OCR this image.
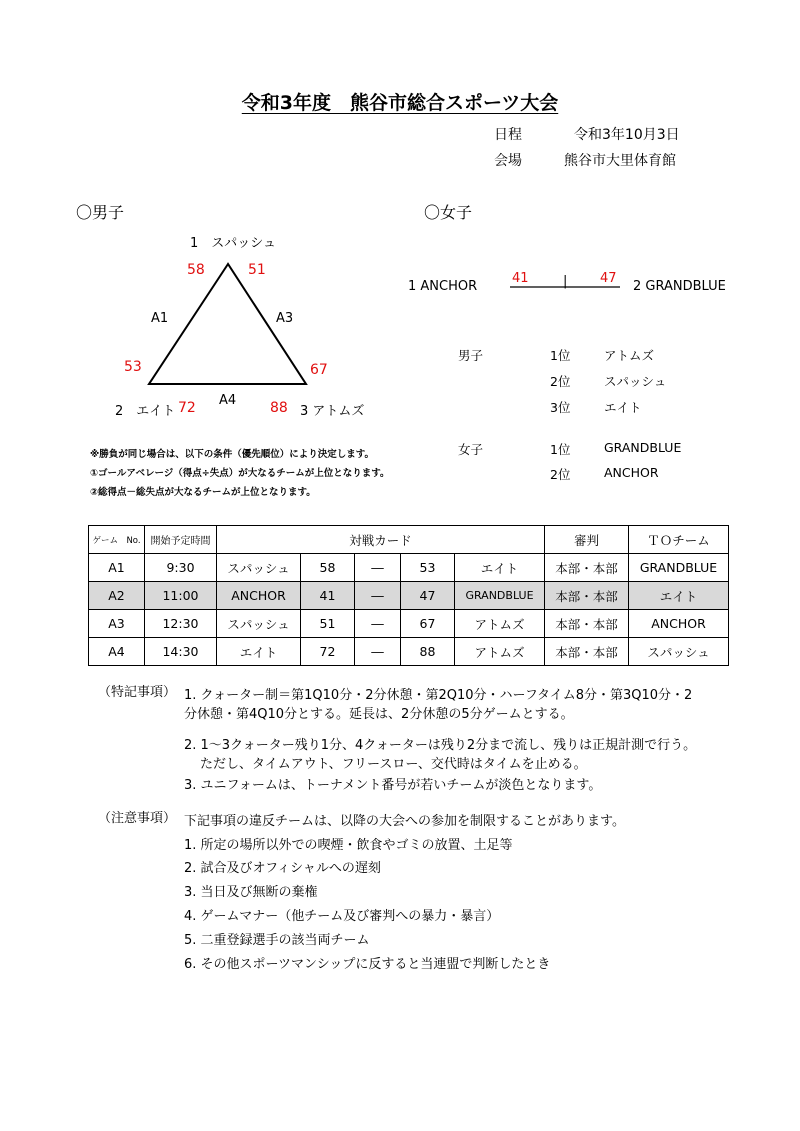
令和3年度　熊谷市総合スポーツ大会
日程	令和3年10月3日
会場	熊谷市大里体育館
〇男子	〇女子
1　スパッシュ
58	51
A1	A3
53	67
A4
2　エイト 72	88 3 アトムズ
1 ANCHOR
41	|	47
2 GRANDBLUE
男子	1位	アトムズ
2位	スパッシュ
3位	エイト
女子	1位	GRANDBLUE
2位	ANCHOR
※勝負が同じ場合は、以下の条件（優先順位）により決定します。
①ゴールアベレージ（得点÷失点）が大なるチームが上位となります。
②総得点－総失点が大なるチームが上位となります。
ゲーム　No.	開始予定時間	対戦カード					審判	ＴＯチーム
A1	9:30	スパッシュ	58	―	53	エイト	本部・本部	GRANDBLUE
A2	11:00	ANCHOR	41	―	47	GRANDBLUE	本部・本部	エイト
A3	12:30	スパッシュ	51	―	67	アトムズ	本部・本部	ANCHOR
A4	14:30	エイト	72	―	88	アトムズ	本部・本部	スパッシュ
（特記事項） 1. クォーター制＝第1Q10分・2分休憩・第2Q10分・ハーフタイム8分・第3Q10分・2
分休憩・第4Q10分とする。延長は、2分休憩の5分ゲームとする。
2. 1～3クォーター残り1分、4クォーターは残り2分まで流し、残りは正規計測で行う。
ただし、タイムアウト、フリースロー、交代時はタイムを止める。
3. ユニフォームは、トーナメント番号が若いチームが淡色となります。
（注意事項） 下記事項の違反チームは、以降の大会への参加を制限することがあります。
1. 所定の場所以外での喫煙・飲食やゴミの放置、土足等
2. 試合及びオフィシャルへの遅刻
3. 当日及び無断の棄権
4. ゲームマナー（他チーム及び審判への暴力・暴言）
5. 二重登録選手の該当両チーム
6. その他スポーツマンシップに反すると当連盟で判断したとき
